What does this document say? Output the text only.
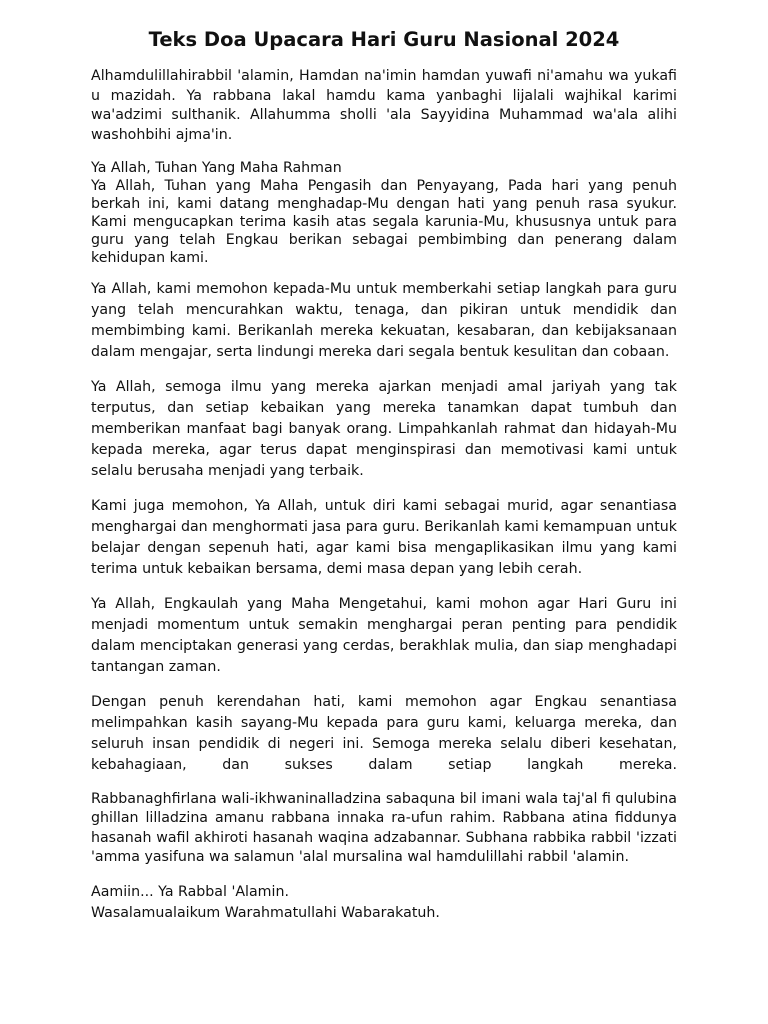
Teks Doa Upacara Hari Guru Nasional 2024

Alhamdulillahirabbil 'alamin, Hamdan na'imin hamdan yuwafi ni'amahu wa yukafi u mazidah. Ya rabbana lakal hamdu kama yanbaghi lijalali wajhikal karimi wa'adzimi sulthanik. Allahumma sholli 'ala Sayyidina Muhammad wa'ala alihi washohbihi ajma'in.

Ya Allah, Tuhan Yang Maha Rahman

Ya Allah, Tuhan yang Maha Pengasih dan Penyayang, Pada hari yang penuh berkah ini, kami datang menghadap-Mu dengan hati yang penuh rasa syukur. Kami mengucapkan terima kasih atas segala karunia-Mu, khususnya untuk para guru yang telah Engkau berikan sebagai pembimbing dan penerang dalam kehidupan kami.

Ya Allah, kami memohon kepada-Mu untuk memberkahi setiap langkah para guru yang telah mencurahkan waktu, tenaga, dan pikiran untuk mendidik dan membimbing kami. Berikanlah mereka kekuatan, kesabaran, dan kebijaksanaan dalam mengajar, serta lindungi mereka dari segala bentuk kesulitan dan cobaan.

Ya Allah, semoga ilmu yang mereka ajarkan menjadi amal jariyah yang tak terputus, dan setiap kebaikan yang mereka tanamkan dapat tumbuh dan memberikan manfaat bagi banyak orang. Limpahkanlah rahmat dan hidayah-Mu kepada mereka, agar terus dapat menginspirasi dan memotivasi kami untuk selalu berusaha menjadi yang terbaik.

Kami juga memohon, Ya Allah, untuk diri kami sebagai murid, agar senantiasa menghargai dan menghormati jasa para guru. Berikanlah kami kemampuan untuk belajar dengan sepenuh hati, agar kami bisa mengaplikasikan ilmu yang kami terima untuk kebaikan bersama, demi masa depan yang lebih cerah.

Ya Allah, Engkaulah yang Maha Mengetahui, kami mohon agar Hari Guru ini menjadi momentum untuk semakin menghargai peran penting para pendidik dalam menciptakan generasi yang cerdas, berakhlak mulia, dan siap menghadapi tantangan zaman.

Dengan penuh kerendahan hati, kami memohon agar Engkau senantiasa melimpahkan kasih sayang-Mu kepada para guru kami, keluarga mereka, dan seluruh insan pendidik di negeri ini. Semoga mereka selalu diberi kesehatan, kebahagiaan, dan sukses dalam setiap langkah mereka.

Rabbanaghfirlana wali-ikhwaninalladzina sabaquna bil imani wala taj'al fi qulubina ghillan lilladzina amanu rabbana innaka ra-ufun rahim. Rabbana atina fiddunya hasanah wafil akhiroti hasanah waqina adzabannar. Subhana rabbika rabbil 'izzati 'amma yasifuna wa salamun 'alal mursalina wal hamdulillahi rabbil 'alamin.

Aamiin... Ya Rabbal 'Alamin.

Wasalamualaikum Warahmatullahi Wabarakatuh.
